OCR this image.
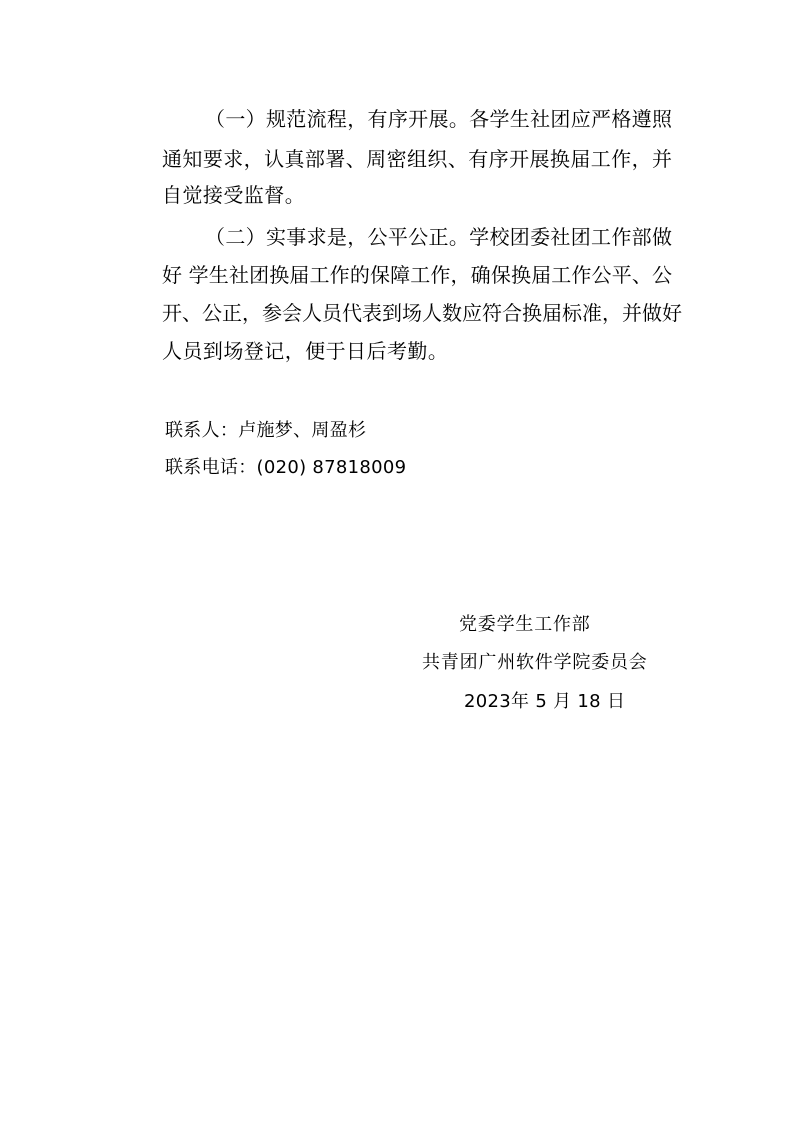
（一）规范流程，有序开展。各学生社团应严格遵照
通知要求，认真部署、周密组织、有序开展换届工作，并
自觉接受监督。
（二）实事求是，公平公正。学校团委社团工作部做
好 学生社团换届工作的保障工作，确保换届工作公平、公
开、公正，参会人员代表到场人数应符合换届标准，并做好
人员到场登记，便于日后考勤。
联系人：卢施梦、周盈杉
联系电话：(020) 87818009
党委学生工作部
共青团广州软件学院委员会
2023年 5 月 18 日
